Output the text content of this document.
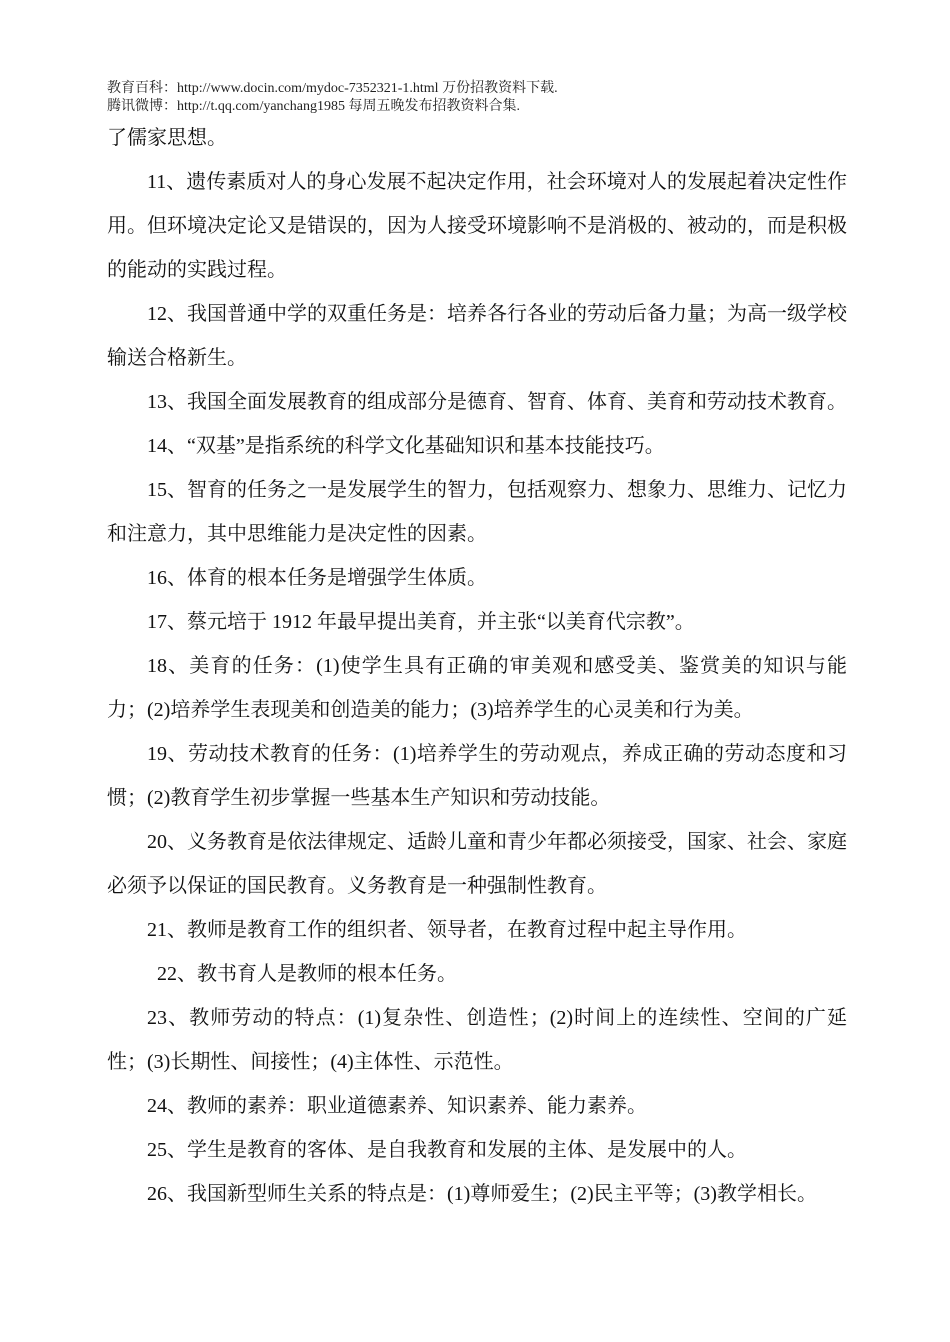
教育百科：http://www.docin.com/mydoc-7352321-1.html 万份招教资料下载.
腾讯微博：http://t.qq.com/yanchang1985 每周五晚发布招教资料合集.

了儒家思想。

11、遗传素质对人的身心发展不起决定作用，社会环境对人的发展起着决定性作用。但环境决定论又是错误的，因为人接受环境影响不是消极的、被动的，而是积极的能动的实践过程。

12、我国普通中学的双重任务是：培养各行各业的劳动后备力量；为高一级学校输送合格新生。

13、我国全面发展教育的组成部分是德育、智育、体育、美育和劳动技术教育。

14、“双基”是指系统的科学文化基础知识和基本技能技巧。

15、智育的任务之一是发展学生的智力，包括观察力、想象力、思维力、记忆力和注意力，其中思维能力是决定性的因素。

16、体育的根本任务是增强学生体质。

17、蔡元培于 1912 年最早提出美育，并主张“以美育代宗教”。

18、美育的任务：(1)使学生具有正确的审美观和感受美、鉴赏美的知识与能力；(2)培养学生表现美和创造美的能力；(3)培养学生的心灵美和行为美。

19、劳动技术教育的任务：(1)培养学生的劳动观点，养成正确的劳动态度和习惯；(2)教育学生初步掌握一些基本生产知识和劳动技能。

20、义务教育是依法律规定、适龄儿童和青少年都必须接受，国家、社会、家庭必须予以保证的国民教育。义务教育是一种强制性教育。

21、教师是教育工作的组织者、领导者，在教育过程中起主导作用。

22、教书育人是教师的根本任务。

23、教师劳动的特点：(1)复杂性、创造性；(2)时间上的连续性、空间的广延性；(3)长期性、间接性；(4)主体性、示范性。

24、教师的素养：职业道德素养、知识素养、能力素养。

25、学生是教育的客体、是自我教育和发展的主体、是发展中的人。

26、我国新型师生关系的特点是：(1)尊师爱生；(2)民主平等；(3)教学相长。
